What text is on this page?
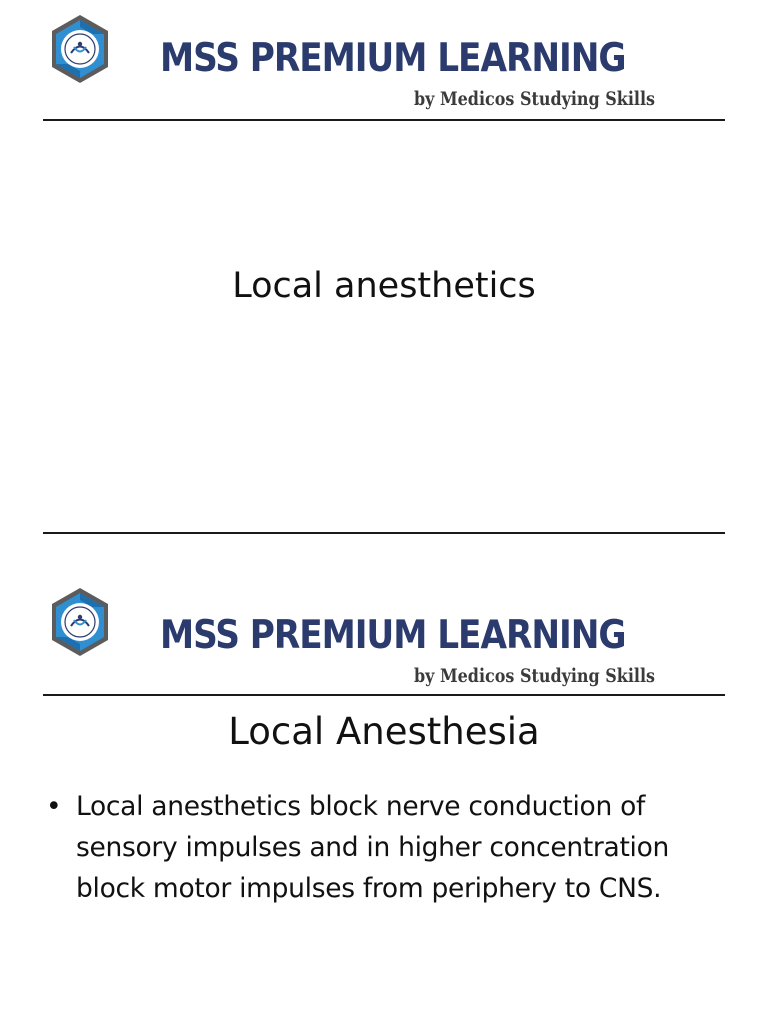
MSS PREMIUM LEARNING
by Medicos Studying Skills
Local anesthetics
MSS PREMIUM LEARNING
by Medicos Studying Skills
Local Anesthesia
• Local anesthetics block nerve conduction of sensory impulses and in higher concentration block motor impulses from periphery to CNS.
